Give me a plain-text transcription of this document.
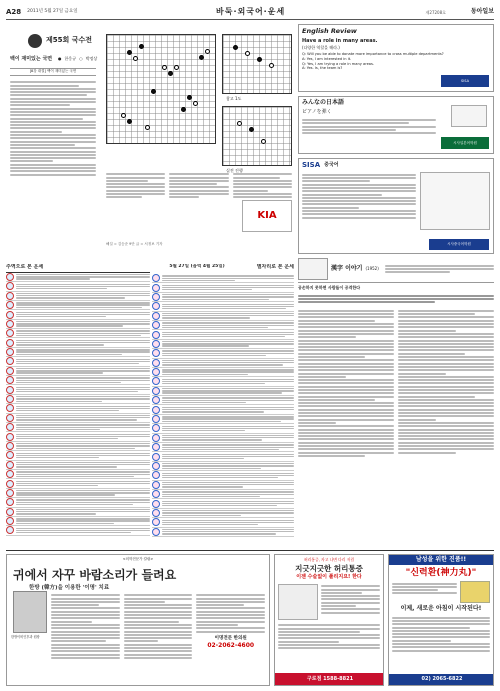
A28 2011년 5월 27일 금요일	바둑·외국어·운세	제27208호	동아일보
제55회 국수전
백이 재미있는 국면 ● 한웅규 ○ 박정상
[8강 대결] 백이 재미있는 국면
참고 1도
실전 진행
KIA
해설 = 김승준 9단 글 = 서정보 기자
English Review
Have a role in many areas.
(다양한 역할을 해라.)
Q: Will you be able to donate more importance to cross multiple departments?
A: Yes, I am interested in it.
Q: Yes, I am trying a role in many areas.
A: Yes. Is, the team is?
SISA
みんなの日本語
ピアノを弾く
시사일본어학원
SISA 중국어
시사중국어학원
주역으로 본 운세	5월 27일 (음력 4월 25일)	별자리로 본 운세	漢字 이야기 (1952)
공손하지 못하면 사람들이 공격한다
<의학전문가 칼럼>
귀에서 자꾸 바람소리가 들려요
한방 (韓方)을 이용한 '이명' 치료
한방이비인후과 원장	이명전문 한의원
02-2062-4600
허리통증, 자고 나면 다리 저림
지긋지긋한 허리통증
이젠 수술없이 풀리지요! 한다
구로점 1588-8821
남성을 위한 진품!!
"신력환(神力丸)"
이제, 새로운 아침이 시작된다!
02) 2065-6822
